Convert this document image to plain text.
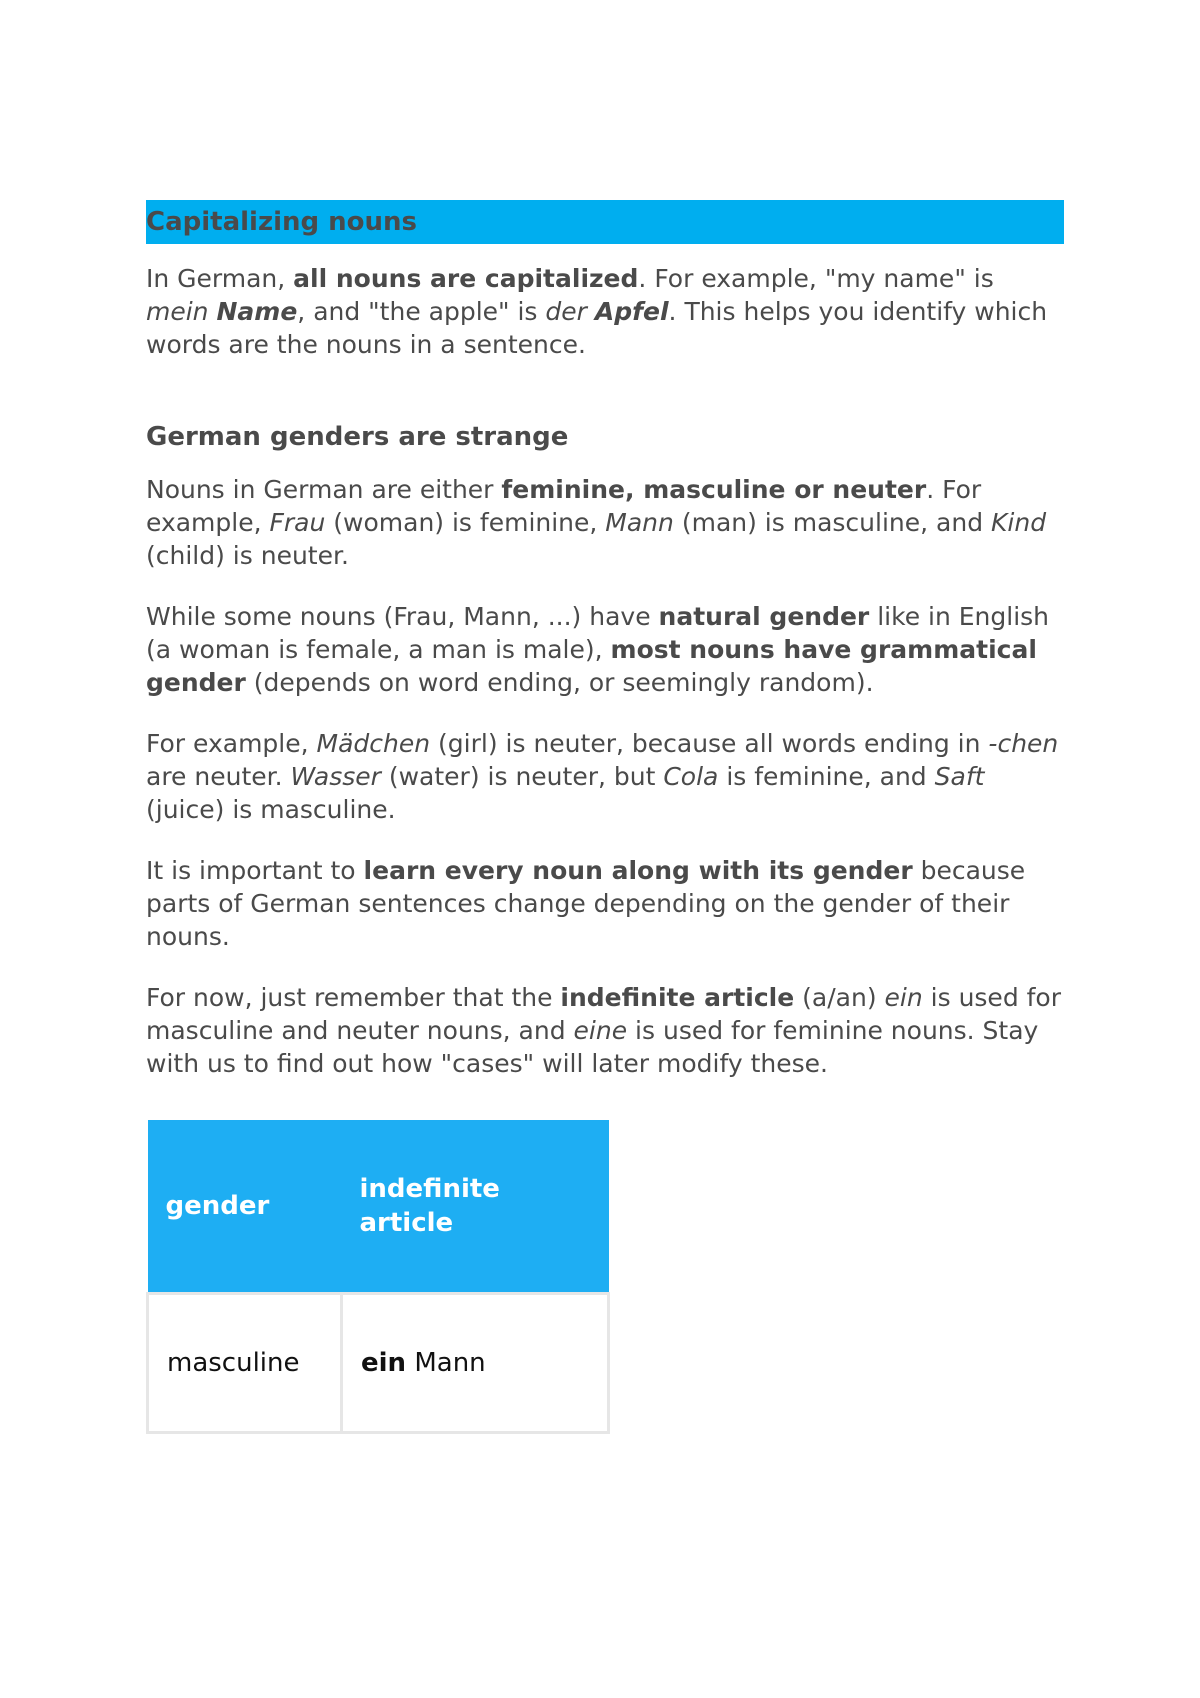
Capitalizing nouns

In German, all nouns are capitalized. For example, "my name" is mein Name, and "the apple" is der Apfel. This helps you identify which words are the nouns in a sentence.

German genders are strange

Nouns in German are either feminine, masculine or neuter. For example, Frau (woman) is feminine, Mann (man) is masculine, and Kind (child) is neuter.

While some nouns (Frau, Mann, ...) have natural gender like in English (a woman is female, a man is male), most nouns have grammatical gender (depends on word ending, or seemingly random).

For example, Mädchen (girl) is neuter, because all words ending in -chen are neuter. Wasser (water) is neuter, but Cola is feminine, and Saft (juice) is masculine.

It is important to learn every noun along with its gender because parts of German sentences change depending on the gender of their nouns.

For now, just remember that the indefinite article (a/an) ein is used for masculine and neuter nouns, and eine is used for feminine nouns. Stay with us to find out how "cases" will later modify these.

gender	indefinite article
masculine	ein Mann
